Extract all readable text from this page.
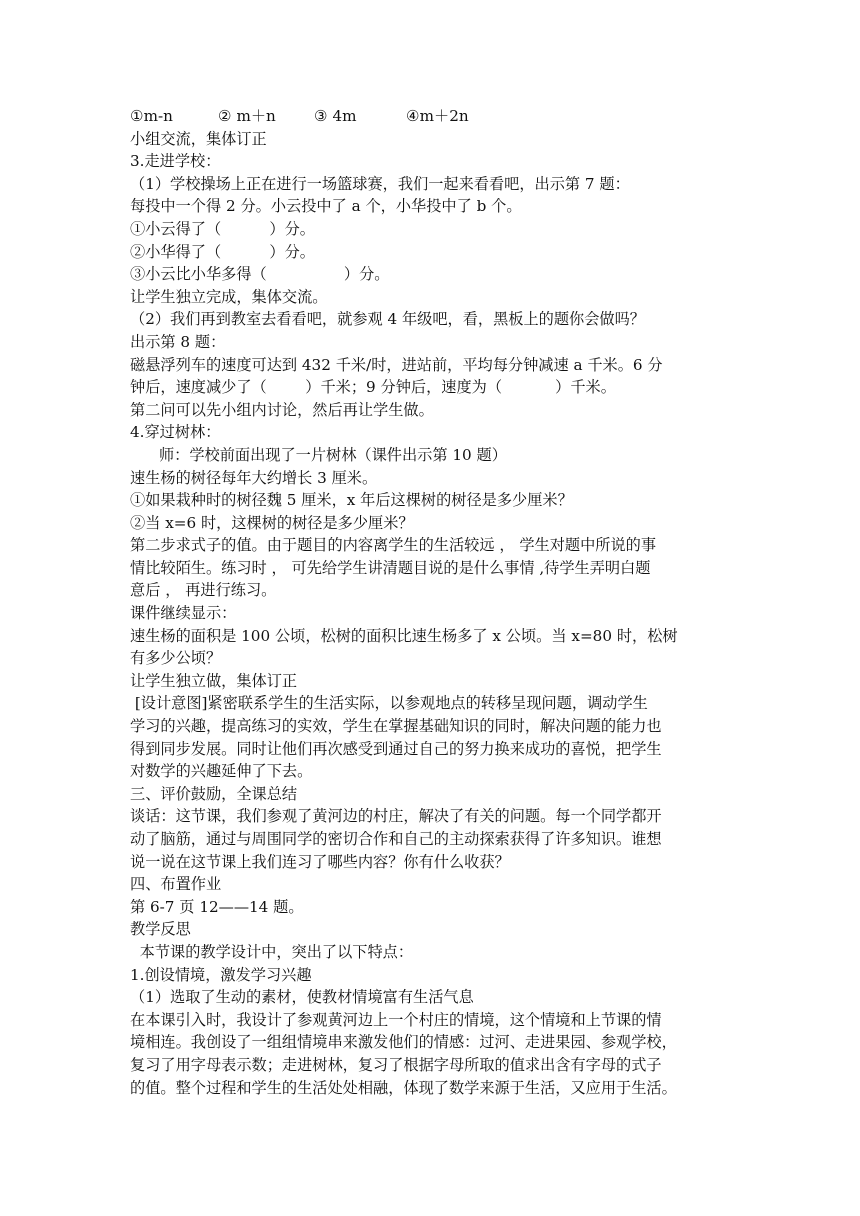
①m-n	② m＋n	③ 4m	④m＋2n
小组交流，集体订正
3.走进学校：
（1）学校操场上正在进行一场篮球赛，我们一起来看看吧，出示第 7 题：
每投中一个得 2 分。小云投中了 a 个，小华投中了 b 个。
①小云得了（          ）分。
②小华得了（          ）分。
③小云比小华多得（                ）分。
让学生独立完成，集体交流。
（2）我们再到教室去看看吧，就参观 4 年级吧，看，黑板上的题你会做吗？
出示第 8 题：
磁悬浮列车的速度可达到 432 千米/时，进站前，平均每分钟减速 a 千米。6 分
钟后，速度减少了（        ）千米；9 分钟后，速度为（           ）千米。
第二问可以先小组内讨论，然后再让学生做。
4.穿过树林：
师：学校前面出现了一片树林（课件出示第 10 题）
速生杨的树径每年大约增长 3 厘米。
①如果栽种时的树径魏 5 厘米，x 年后这棵树的树径是多少厘米？
②当 x=6 时，这棵树的树径是多少厘米？
第二步求式子的值。由于题目的内容离学生的生活较远 ， 学生对题中所说的事
情比较陌生。练习时 ， 可先给学生讲清题目说的是什么事情 ,待学生弄明白题
意后 ， 再进行练习。
课件继续显示：
速生杨的面积是 100 公顷，松树的面积比速生杨多了 x 公顷。当 x=80 时，松树
有多少公顷？
让学生独立做，集体订正
[设计意图]紧密联系学生的生活实际，以参观地点的转移呈现问题，调动学生
学习的兴趣，提高练习的实效，学生在掌握基础知识的同时，解决问题的能力也
得到同步发展。同时让他们再次感受到通过自己的努力换来成功的喜悦，把学生
对数学的兴趣延伸了下去。
三、评价鼓励，全课总结
谈话：这节课，我们参观了黄河边的村庄，解决了有关的问题。每一个同学都开
动了脑筋，通过与周围同学的密切合作和自己的主动探索获得了许多知识。谁想
说一说在这节课上我们连习了哪些内容？你有什么收获？
四、布置作业
第 6-7 页 12——14 题。
教学反思
本节课的教学设计中，突出了以下特点：
1.创设情境，激发学习兴趣
（1）选取了生动的素材，使教材情境富有生活气息
在本课引入时，我设计了参观黄河边上一个村庄的情境，这个情境和上节课的情
境相连。我创设了一组组情境串来激发他们的情感：过河、走进果园、参观学校，
复习了用字母表示数；走进树林，复习了根据字母所取的值求出含有字母的式子
的值。整个过程和学生的生活处处相融，体现了数学来源于生活，又应用于生活。
